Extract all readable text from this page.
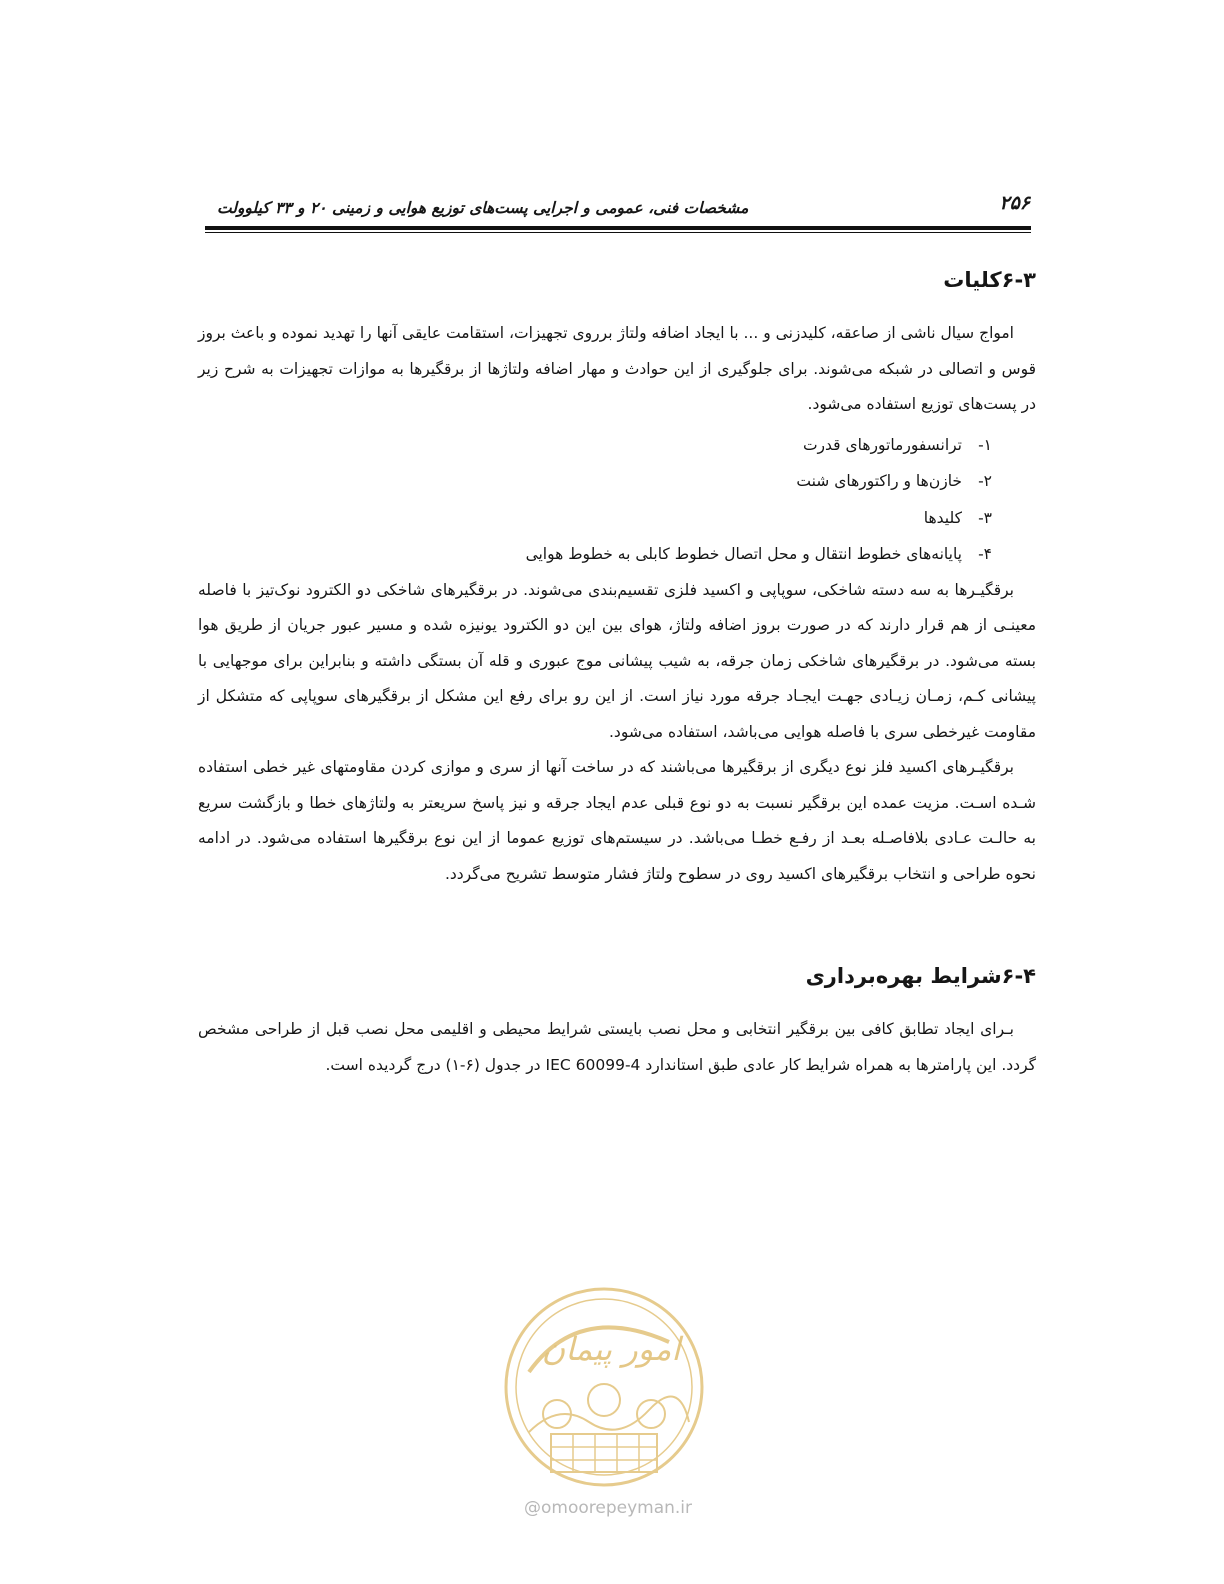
۲۵۶
مشخصات فنی، عمومی و اجرایی پست‌های توزیع هوایی و زمینی ۲۰ و ۳۳ کیلوولت
۶-۳کلیات

امواج سیال ناشی از صاعقه، کلیدزنی و ... با ایجاد اضافه ولتاژ برروی تجهیزات، استقامت عایقی آنها را تهدید نموده و باعث بروز قوس و اتصالی در شبکه می‌شوند. برای جلوگیری از این حوادث و مهار اضافه ولتاژها از برقگیرها به موازات تجهیزات به شرح زیر در پست‌های توزیع استفاده می‌شود.

۱-
ترانسفورماتورهای قدرت
۲-
خازن‌ها و راکتورهای شنت
۳-
کلیدها
۴-
پایانه‌های خطوط انتقال و محل اتصال خطوط کابلی به خطوط هوایی

برقگیـرها به سه دسته شاخکی، سوپاپی و اکسید فلزی تقسیم‌بندی می‌شوند. در برقگیرهای شاخکی دو الکترود نوک‌تیز با فاصله معینـی از هم قرار دارند که در صورت بروز اضافه ولتاژ، هوای بین این دو الکترود یونیزه شده و مسیر عبور جریان از طریق هوا بسته می‌شود. در برقگیرهای شاخکی زمان جرقه، به شیب پیشانی موج عبوری و قله آن بستگی داشته و بنابراین برای موجهایی با پیشانی کـم، زمـان زیـادی جهـت ایجـاد جرقه مورد نیاز است. از این رو برای رفع این مشکل از برقگیرهای سوپاپی که متشکل از مقاومت غیرخطی سری با فاصله هوایی می‌باشد، استفاده می‌شود.

برقگیـرهای اکسید فلز نوع دیگری از برقگیرها می‌باشند که در ساخت آنها از سری و موازی کردن مقاومتهای غیر خطی استفاده شـده اسـت. مزیت عمده این برقگیر نسبت به دو نوع قبلی عدم ایجاد جرقه و نیز پاسخ سریعتر به ولتاژهای خطا و بازگشت سریع به حالـت عـادی بلافاصـله بعـد از رفـع خطـا می‌باشد. در سیستم‌های توزیع عموما از این نوع برقگیرها استفاده می‌شود. در ادامه نحوه طراحی و انتخاب برقگیرهای اکسید روی در سطوح ولتاژ فشار متوسط تشریح می‌گردد.

۶-۴شرایط بهره‌برداری

بـرای ایجاد تطابق کافی بین برقگیر انتخابی و محل نصب بایستی شرایط محیطی و اقلیمی محل نصب قبل از طراحی مشخص گردد. این پارامترها به همراه شرایط کار عادی طبق استاندارد IEC 60099-4 در جدول (۶-۱) درج گردیده است.

امور پیمان
@omoorepeyman.ir
